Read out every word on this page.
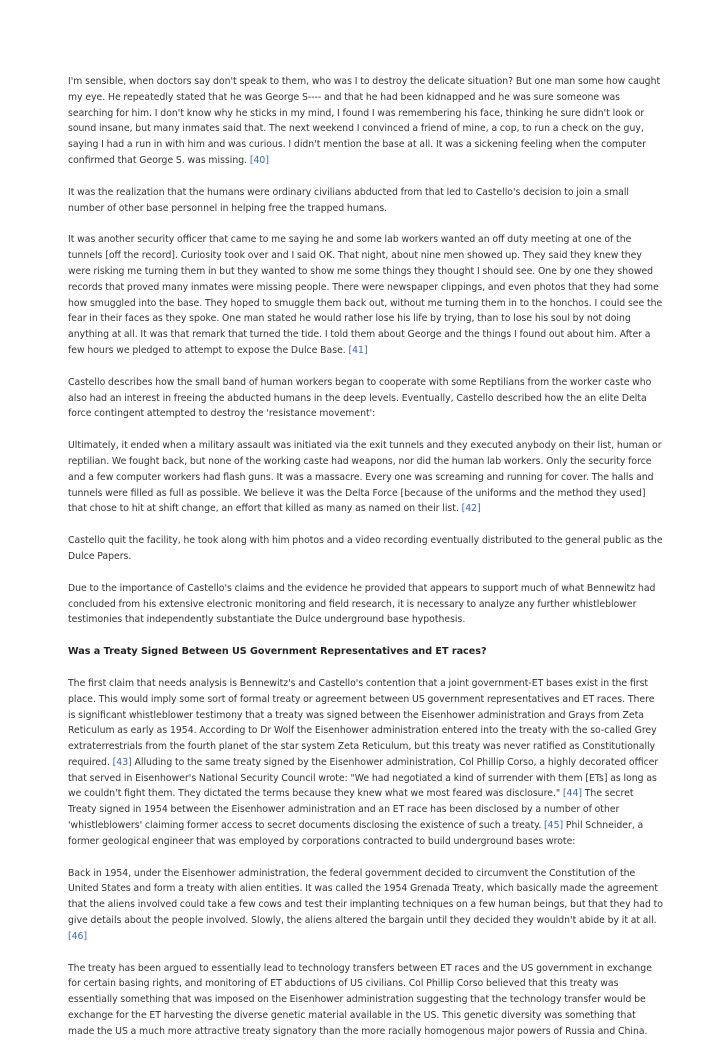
I'm sensible, when doctors say don't speak to them, who was I to destroy the delicate situation? But one man some how caught my eye. He repeatedly stated that he was George S---- and that he had been kidnapped and he was sure someone was searching for him. I don't know why he sticks in my mind, I found I was remembering his face, thinking he sure didn't look or sound insane, but many inmates said that. The next weekend I convinced a friend of mine, a cop, to run a check on the guy, saying I had a run in with him and was curious. I didn't mention the base at all. It was a sickening feeling when the computer confirmed that George S. was missing. [40]

It was the realization that the humans were ordinary civilians abducted from that led to Castello's decision to join a small number of other base personnel in helping free the trapped humans.

It was another security officer that came to me saying he and some lab workers wanted an off duty meeting at one of the tunnels [off the record]. Curiosity took over and I said OK. That night, about nine men showed up. They said they knew they were risking me turning them in but they wanted to show me some things they thought I should see. One by one they showed records that proved many inmates were missing people. There were newspaper clippings, and even photos that they had some how smuggled into the base. They hoped to smuggle them back out, without me turning them in to the honchos. I could see the fear in their faces as they spoke. One man stated he would rather lose his life by trying, than to lose his soul by not doing anything at all. It was that remark that turned the tide. I told them about George and the things I found out about him. After a few hours we pledged to attempt to expose the Dulce Base. [41]

Castello describes how the small band of human workers began to cooperate with some Reptilians from the worker caste who also had an interest in freeing the abducted humans in the deep levels. Eventually, Castello described how the an elite Delta force contingent attempted to destroy the 'resistance movement':

Ultimately, it ended when a military assault was initiated via the exit tunnels and they executed anybody on their list, human or reptilian. We fought back, but none of the working caste had weapons, nor did the human lab workers. Only the security force and a few computer workers had flash guns. It was a massacre. Every one was screaming and running for cover. The halls and tunnels were filled as full as possible. We believe it was the Delta Force [because of the uniforms and the method they used] that chose to hit at shift change, an effort that killed as many as named on their list. [42]

Castello quit the facility, he took along with him photos and a video recording eventually distributed to the general public as the Dulce Papers.

Due to the importance of Castello's claims and the evidence he provided that appears to support much of what Bennewitz had concluded from his extensive electronic monitoring and field research, it is necessary to analyze any further whistleblower testimonies that independently substantiate the Dulce underground base hypothesis.

Was a Treaty Signed Between US Government Representatives and ET races?

The first claim that needs analysis is Bennewitz's and Castello's contention that a joint government-ET bases exist in the first place. This would imply some sort of formal treaty or agreement between US government representatives and ET races. There is significant whistleblower testimony that a treaty was signed between the Eisenhower administration and Grays from Zeta Reticulum as early as 1954. According to Dr Wolf the Eisenhower administration entered into the treaty with the so-called Grey extraterrestrials from the fourth planet of the star system Zeta Reticulum, but this treaty was never ratified as Constitutionally required. [43] Alluding to the same treaty signed by the Eisenhower administration, Col Phillip Corso, a highly decorated officer that served in Eisenhower's National Security Council wrote: "We had negotiated a kind of surrender with them [ETs] as long as we couldn't fight them. They dictated the terms because they knew what we most feared was disclosure." [44] The secret Treaty signed in 1954 between the Eisenhower administration and an ET race has been disclosed by a number of other 'whistleblowers' claiming former access to secret documents disclosing the existence of such a treaty. [45] Phil Schneider, a former geological engineer that was employed by corporations contracted to build underground bases wrote:

Back in 1954, under the Eisenhower administration, the federal government decided to circumvent the Constitution of the United States and form a treaty with alien entities. It was called the 1954 Grenada Treaty, which basically made the agreement that the aliens involved could take a few cows and test their implanting techniques on a few human beings, but that they had to give details about the people involved. Slowly, the aliens altered the bargain until they decided they wouldn't abide by it at all. [46]

The treaty has been argued to essentially lead to technology transfers between ET races and the US government in exchange for certain basing rights, and monitoring of ET abductions of US civilians. Col Phillip Corso believed that this treaty was essentially something that was imposed on the Eisenhower administration suggesting that the technology transfer would be exchange for the ET harvesting the diverse genetic material available in the US. This genetic diversity was something that made the US a much more attractive treaty signatory than the more racially homogenous major powers of Russia and China.
